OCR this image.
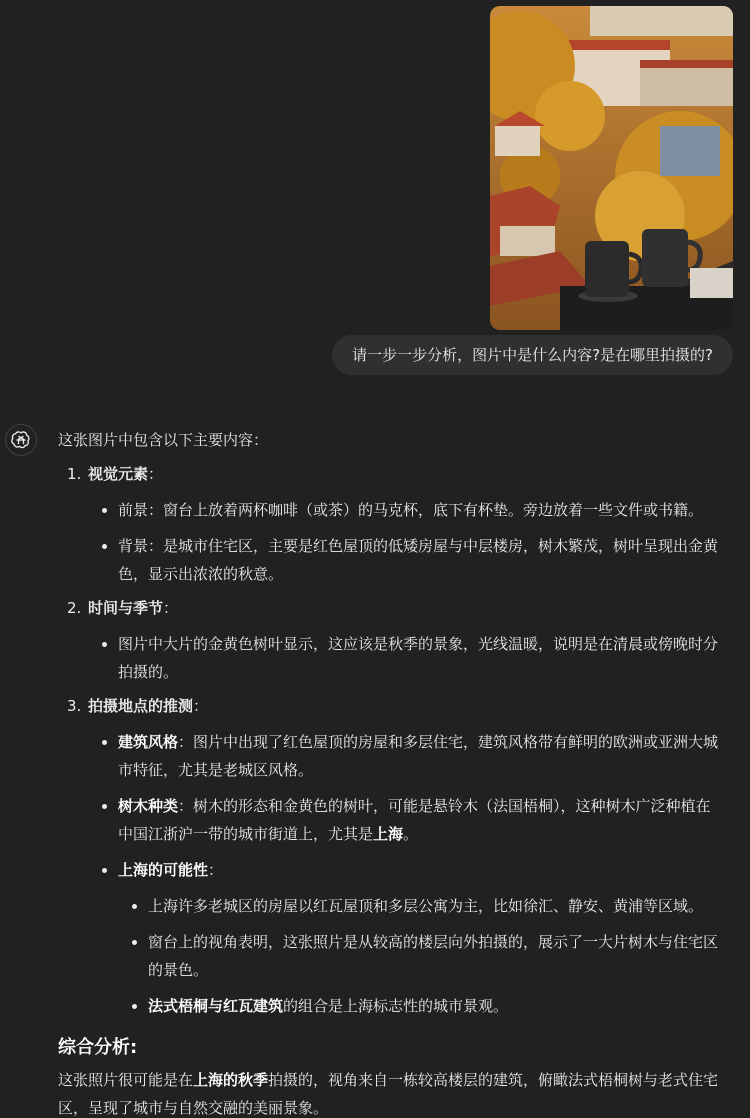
请一步一步分析，图片中是什么内容?是在哪里拍摄的?
这张图片中包含以下主要内容：
1. 视觉元素：
前景：窗台上放着两杯咖啡（或茶）的马克杯，底下有杯垫。旁边放着一些文件或书籍。
背景：是城市住宅区，主要是红色屋顶的低矮房屋与中层楼房，树木繁茂，树叶呈现出金黄
色，显示出浓浓的秋意。
2. 时间与季节：
图片中大片的金黄色树叶显示，这应该是秋季的景象，光线温暖，说明是在清晨或傍晚时分
拍摄的。
3. 拍摄地点的推测：
建筑风格：图片中出现了红色屋顶的房屋和多层住宅，建筑风格带有鲜明的欧洲或亚洲大城
市特征，尤其是老城区风格。
树木种类：树木的形态和金黄色的树叶，可能是悬铃木（法国梧桐），这种树木广泛种植在
中国江浙沪一带的城市街道上，尤其是上海。
上海的可能性：
上海许多老城区的房屋以红瓦屋顶和多层公寓为主，比如徐汇、静安、黄浦等区域。
窗台上的视角表明，这张照片是从较高的楼层向外拍摄的，展示了一大片树木与住宅区
的景色。
法式梧桐与红瓦建筑的组合是上海标志性的城市景观。
综合分析:
这张照片很可能是在上海的秋季拍摄的，视角来自一栋较高楼层的建筑，俯瞰法式梧桐树与老式住宅
区，呈现了城市与自然交融的美丽景象。
